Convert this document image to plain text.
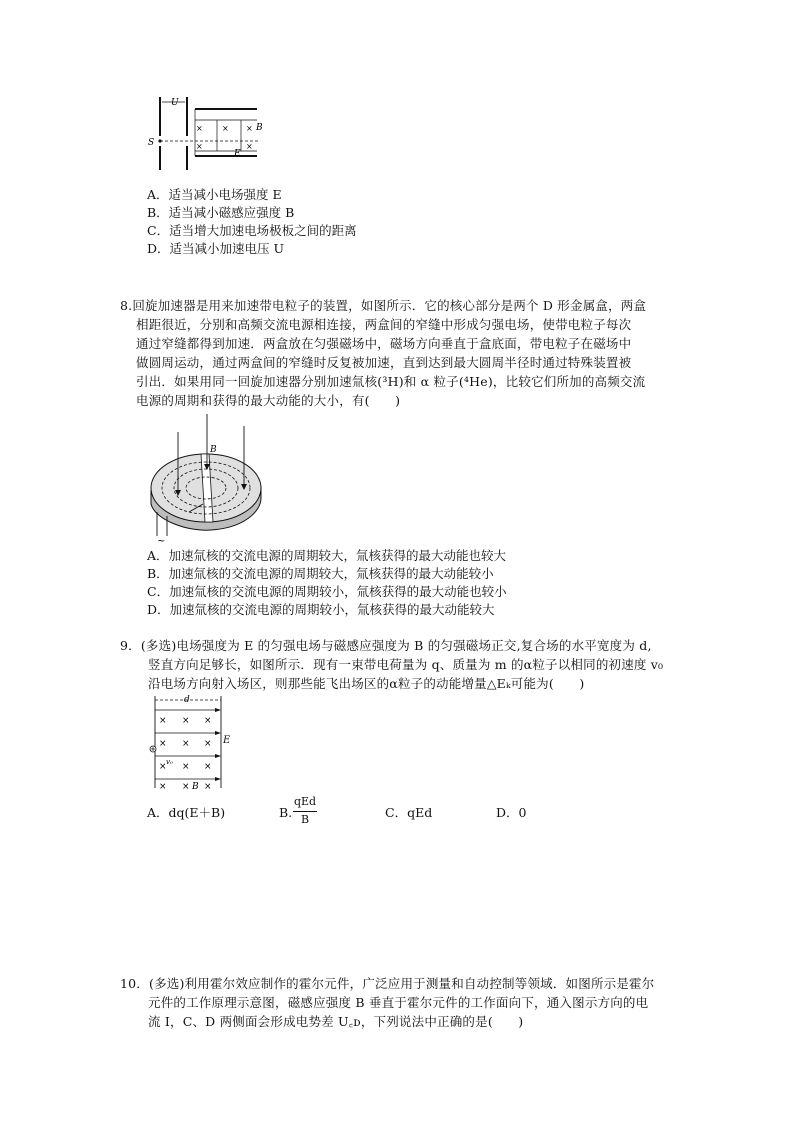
U
S
× × ×
×	×
B
E
A．适当减小电场强度 E
B．适当减小磁感应强度 B
C．适当增大加速电场极板之间的距离
D．适当减小加速电压 U
8.回旋加速器是用来加速带电粒子的装置，如图所示．它的核心部分是两个 D 形金属盒，两盒
相距很近，分别和高频交流电源相连接，两盒间的窄缝中形成匀强电场，使带电粒子每次
通过窄缝都得到加速．两盒放在匀强磁场中，磁场方向垂直于盒底面，带电粒子在磁场中
做圆周运动，通过两盒间的窄缝时反复被加速，直到达到最大圆周半径时通过特殊装置被
引出．如果用同一回旋加速器分别加速氚核(³H)和 α 粒子(⁴He)，比较它们所加的高频交流
电源的周期和获得的最大动能的大小，有(　　)
B
~
A．加速氚核的交流电源的周期较大，氚核获得的最大动能也较大
B．加速氚核的交流电源的周期较大，氚核获得的最大动能较小
C．加速氚核的交流电源的周期较小，氚核获得的最大动能也较小
D．加速氚核的交流电源的周期较小，氚核获得的最大动能较大
9．(多选)电场强度为 E 的匀强电场与磁感应强度为 B 的匀强磁场正交,复合场的水平宽度为 d,
竖直方向足够长，如图所示．现有一束带电荷量为 q、质量为 m 的α粒子以相同的初速度 v₀
沿电场方向射入场区，则那些能飞出场区的α粒子的动能增量△Eₖ可能为(　　)
d
× × ×
× × ×
× v₀ × ×
× × B ×
E
A．dq(E＋B)	B.
qEd
B	C．qEd	D．0
10．(多选)利用霍尔效应制作的霍尔元件，广泛应用于测量和自动控制等领域．如图所示是霍尔
元件的工作原理示意图，磁感应强度 B 垂直于霍尔元件的工作面向下，通入图示方向的电
流 I，C、D 两侧面会形成电势差 U꜀ᴅ，下列说法中正确的是(　　)
